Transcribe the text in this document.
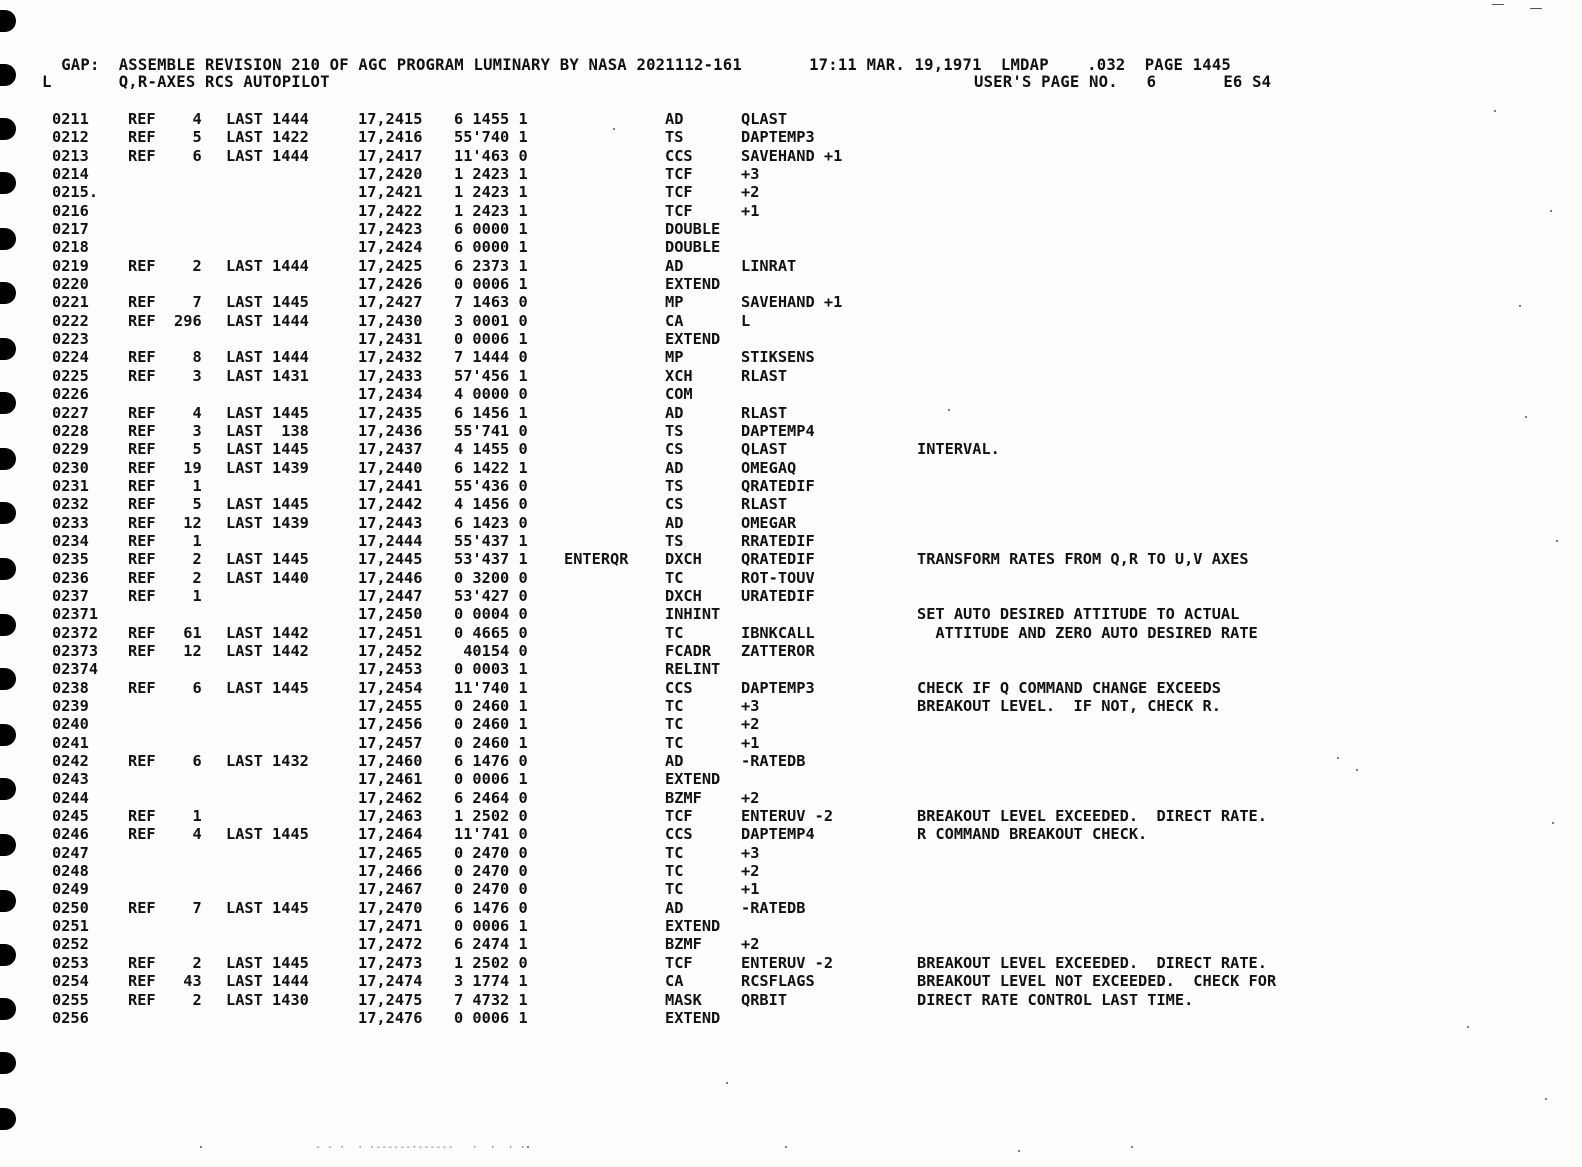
GAP:  ASSEMBLE REVISION 210 OF AGC PROGRAM LUMINARY BY NASA 2021112-161	17:11 MAR. 19,1971 LMDAP .032 PAGE 1445

L	Q,R-AXES RCS AUTOPILOT

	USER'S PAGE NO.   6	E6 S4

0211	REF    4 LAST 1444	17,2415 6 1455 1	AD	QLAST
0212	REF    5 LAST 1422	17,2416 55'740 1	TS	DAPTEMP3
0213	REF    6 LAST 1444	17,2417 11'463 0	CCS	SAVEHAND +1
0214	17,2420 1 2423 1	TCF	+3
0215.	17,2421 1 2423 1	TCF	+2
0216	17,2422 1 2423 1	TCF	+1
0217	17,2423 6 0000 1	DOUBLE
0218	17,2424 6 0000 1	DOUBLE
0219	REF    2 LAST 1444	17,2425 6 2373 1	AD	LINRAT
0220	17,2426 0 0006 1	EXTEND
0221	REF    7 LAST 1445	17,2427 7 1463 0	MP	SAVEHAND +1
0222	REF  296 LAST 1444	17,2430 3 0001 0	CA	L
0223	17,2431 0 0006 1	EXTEND
0224	REF    8 LAST 1444	17,2432 7 1444 0	MP	STIKSENS
0225	REF    3 LAST 1431	17,2433 57'456 1	XCH	RLAST
0226	17,2434 4 0000 0	COM
0227	REF    4 LAST 1445	17,2435 6 1456 1	AD	RLAST
0228	REF    3 LAST  138	17,2436 55'741 0	TS	DAPTEMP4
0229	REF    5 LAST 1445	17,2437 4 1455 0	CS	QLAST	INTERVAL.
0230	REF   19 LAST 1439	17,2440 6 1422 1	AD	OMEGAQ
0231	REF    1	17,2441 55'436 0	TS	QRATEDIF
0232	REF    5 LAST 1445	17,2442 4 1456 0	CS	RLAST
0233	REF   12 LAST 1439	17,2443 6 1423 0	AD	OMEGAR
0234	REF    1	17,2444 55'437 1	TS	RRATEDIF
0235	REF    2 LAST 1445	17,2445 53'437 1 ENTERQR DXCH	QRATEDIF	TRANSFORM RATES FROM Q,R TO U,V AXES
0236	REF    2 LAST 1440	17,2446 0 3200 0	TC	ROT-TOUV
0237	REF    1	17,2447 53'427 0	DXCH	URATEDIF
02371	17,2450 0 0004 0	INHINT	SET AUTO DESIRED ATTITUDE TO ACTUAL
02372 REF   61 LAST 1442	17,2451 0 4665 0	TC	IBNKCALL	ATTITUDE AND ZERO AUTO DESIRED RATE
02373 REF   12 LAST 1442	17,2452 40154 0	FCADR ZATTEROR
02374	17,2453 0 0003 1	RELINT
0238	REF    6 LAST 1445	17,2454 11'740 1	CCS	DAPTEMP3	CHECK IF Q COMMAND CHANGE EXCEEDS
0239	17,2455 0 2460 1	TC	+3	BREAKOUT LEVEL.  IF NOT, CHECK R.
0240	17,2456 0 2460 1	TC	+2
0241	17,2457 0 2460 1	TC	+1
0242	REF    6 LAST 1432	17,2460 6 1476 0	AD	-RATEDB
0243	17,2461 0 0006 1	EXTEND
0244	17,2462 6 2464 0	BZMF	+2
0245	REF    1	17,2463 1 2502 0	TCF	ENTERUV -2	BREAKOUT LEVEL EXCEEDED.  DIRECT RATE.
0246	REF    4 LAST 1445	17,2464 11'741 0	CCS	DAPTEMP4	R COMMAND BREAKOUT CHECK.
0247	17,2465 0 2470 0	TC	+3
0248	17,2466 0 2470 0	TC	+2
0249	17,2467 0 2470 0	TC	+1
0250	REF    7 LAST 1445	17,2470 6 1476 0	AD	-RATEDB
0251	17,2471 0 0006 1	EXTEND
0252	17,2472 6 2474 1	BZMF	+2
0253	REF    2 LAST 1445	17,2473 1 2502 0	TCF	ENTERUV -2	BREAKOUT LEVEL EXCEEDED.  DIRECT RATE.
0254	REF   43 LAST 1444	17,2474 3 1774 1	CA	RCSFLAGS	BREAKOUT LEVEL NOT EXCEEDED.  CHECK FOR
0255	REF    2 LAST 1430	17,2475 7 4732 1	MASK	QRBIT	DIRECT RATE CONTROL LAST TIME.
0256	17,2476 0 0006 1	EXTEND
- - ·  · ·------·------   ·  ·  · ·
